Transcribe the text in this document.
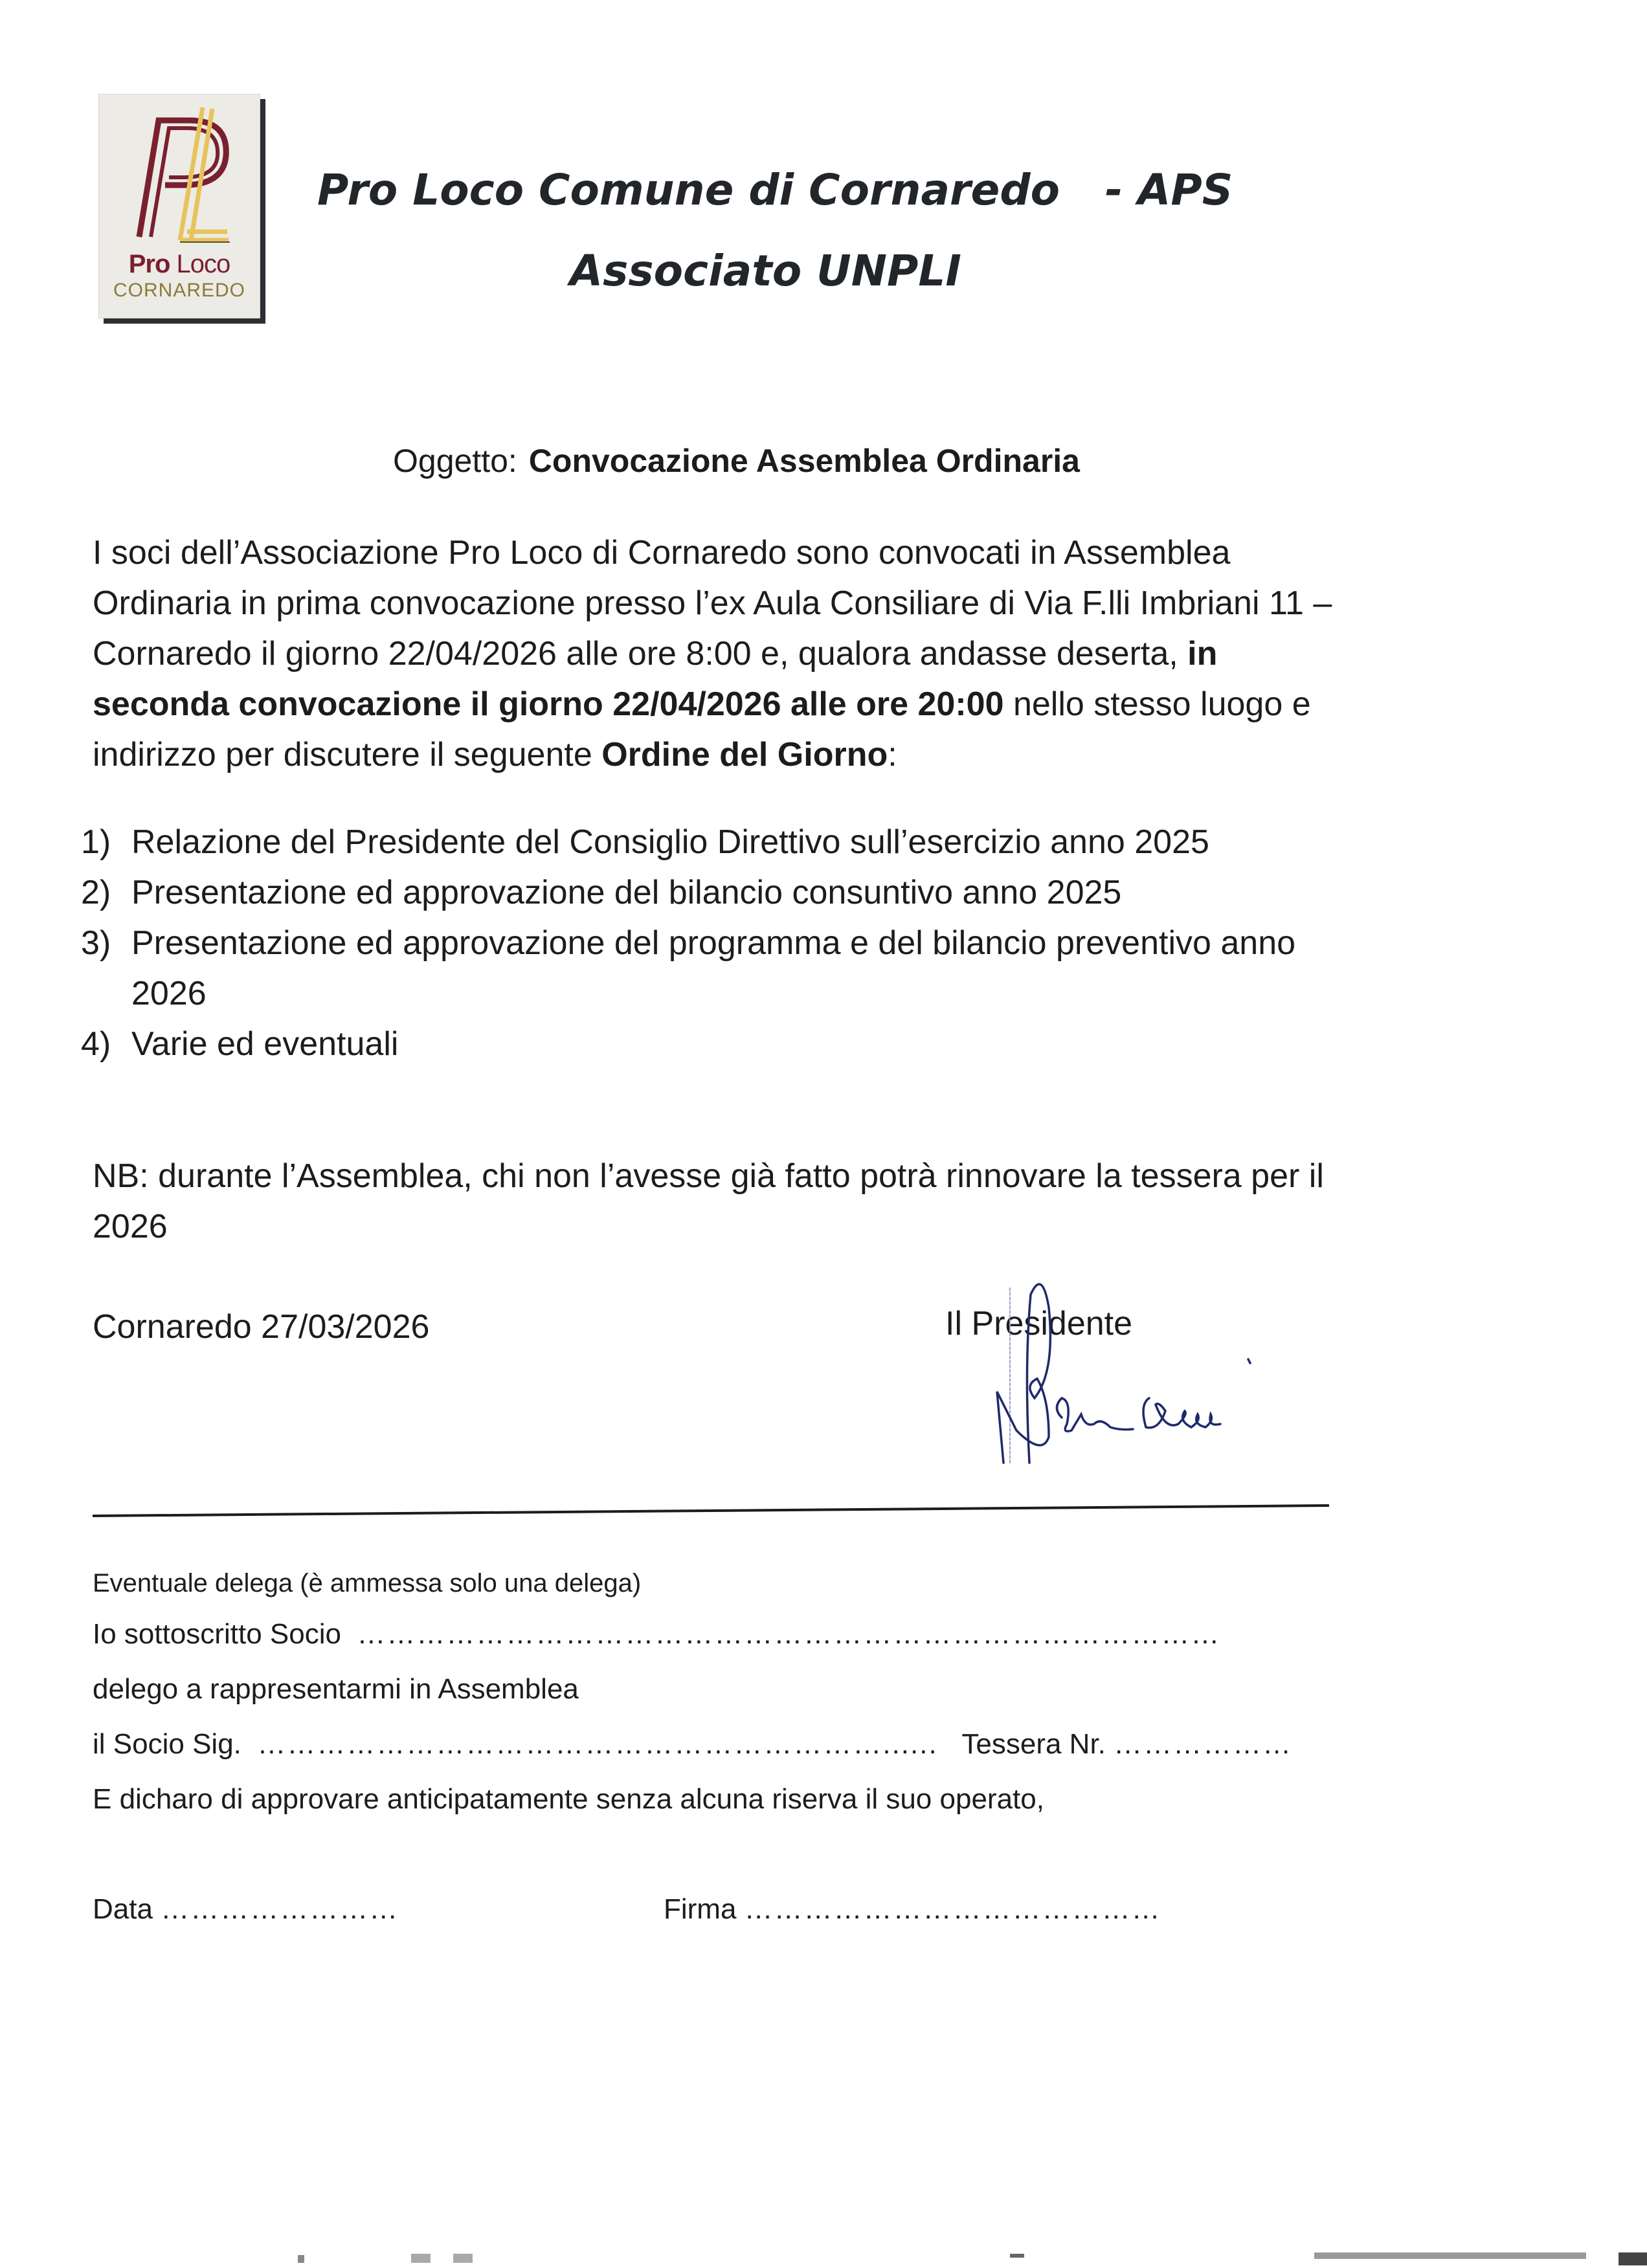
Pro Loco
CORNAREDO
Pro Loco Comune di Cornaredo - APS
Associato UNPLI
Oggetto: Convocazione Assemblea Ordinaria
I soci dell’Associazione Pro Loco di Cornaredo sono convocati in Assemblea
Ordinaria in prima convocazione presso l’ex Aula Consiliare di Via F.lli Imbriani 11 –
Cornaredo il giorno 22/04/2026 alle ore 8:00 e, qualora andasse deserta, in
seconda convocazione il giorno 22/04/2026 alle ore 20:00 nello stesso luogo e
indirizzo per discutere il seguente Ordine del Giorno:
1) Relazione del Presidente del Consiglio Direttivo sull’esercizio anno 2025
2) Presentazione ed approvazione del bilancio consuntivo anno 2025
3) Presentazione ed approvazione del programma e del bilancio preventivo anno
2026
4) Varie ed eventuali
NB: durante l’Assemblea, chi non l’avesse già fatto potrà rinnovare la tessera per il
2026
Cornaredo 27/03/2026	Il Presidente
Eventuale delega (è ammessa solo una delega)
Io sottoscritto Socio ……………………………………………………………………………
delego a rappresentarmi in Assemblea
il Socio Sig. ………………………………………………………...... Tessera Nr. ………………
E dicharo di approvare anticipatamente senza alcuna riserva il suo operato,
Data ……………………	Firma ……………………………………
